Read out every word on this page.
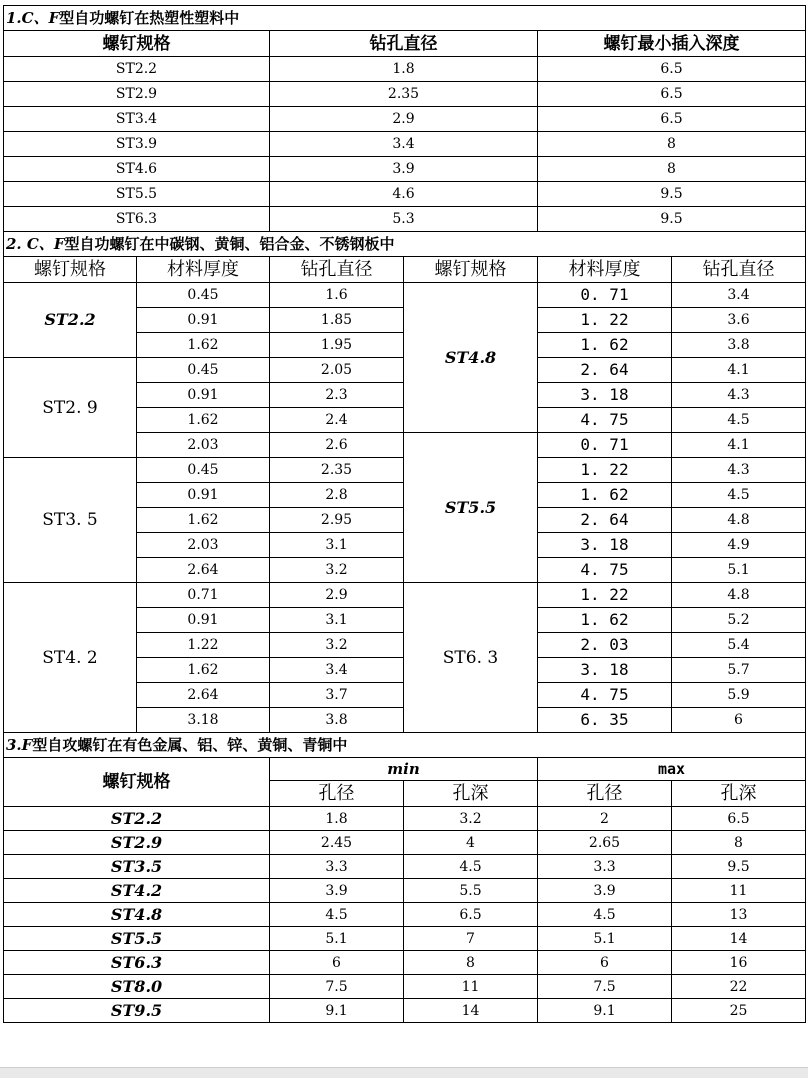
1.C、F型自功螺钉在热塑性塑料中					
螺钉规格		钻孔直径		螺钉最小插入深度	
ST2.2		1.8		6.5	
ST2.9		2.35		6.5	
ST3.4		2.9		6.5	
ST3.9		3.4		8	
ST4.6		3.9		8	
ST5.5		4.6		9.5	
ST6.3		5.3		9.5	
2. C、F型自功螺钉在中碳钢、黄铜、铝合金、不锈钢板中					
螺钉规格	材料厚度	钻孔直径	螺钉规格	材料厚度	钻孔直径
ST2.2	0.45	1.6	ST4.8	0. 71	3.4
	0.91	1.85		1. 22	3.6
	1.62	1.95		1. 62	3.8
ST2. 9	0.45	2.05		2. 64	4.1
	0.91	2.3		3. 18	4.3
	1.62	2.4		4. 75	4.5
	2.03	2.6	ST5.5	0. 71	4.1
ST3. 5	0.45	2.35		1. 22	4.3
	0.91	2.8		1. 62	4.5
	1.62	2.95		2. 64	4.8
	2.03	3.1		3. 18	4.9
	2.64	3.2		4. 75	5.1
ST4. 2	0.71	2.9	ST6. 3	1. 22	4.8
	0.91	3.1		1. 62	5.2
	1.22	3.2		2. 03	5.4
	1.62	3.4		3. 18	5.7
	2.64	3.7		4. 75	5.9
	3.18	3.8		6. 35	6
3.F型自攻螺钉在有色金属、铝、锌、黄铜、青铜中					
螺钉规格		min		max	
		孔径	孔深	孔径	孔深
ST2.2		1.8	3.2	2	6.5
ST2.9		2.45	4	2.65	8
ST3.5		3.3	4.5	3.3	9.5
ST4.2		3.9	5.5	3.9	11
ST4.8		4.5	6.5	4.5	13
ST5.5		5.1	7	5.1	14
ST6.3		6	8	6	16
ST8.0		7.5	11	7.5	22
ST9.5		9.1	14	9.1	25
